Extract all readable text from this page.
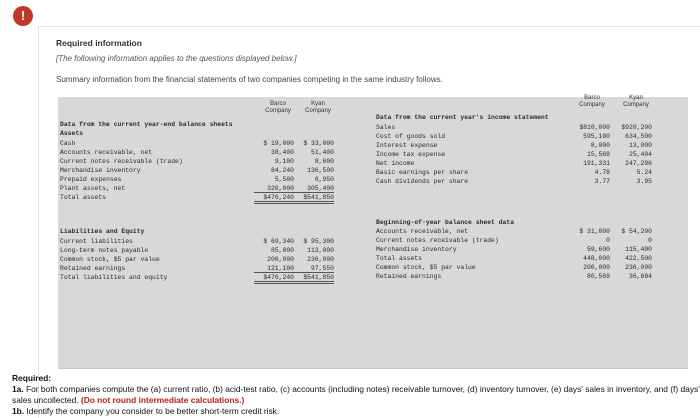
!
Required information
[The following information applies to the questions displayed below.]
Summary information from the financial statements of two companies competing in the same industry follows.
Barco
Company
Kyan
Company
Data from the current year-end balance sheets
Assets
Cash	$ 19,000	$ 33,000
Accounts receivable, net	38,400	51,400
Current notes receivable (trade)	9,100	8,600
Merchandise inventory	84,240	136,500
Prepaid expenses	5,500	6,950
Plant assets, net	320,000	305,400
Total assets	$476,240	$541,850
Liabilities and Equity
Current liabilities	$ 69,340	$ 95,300
Long-term notes payable	85,800	113,000
Common stock, $5 par value	200,000	236,000
Retained earnings	121,100	97,550
Total liabilities and equity	$476,240	$541,850
Barco
Company
Kyan
Company
Data from the current year's income statement
Sales	$810,000	$920,200
Cost of goods sold	595,100	634,500
Interest expense	8,000	13,000
Income tax expense	15,569	25,404
Net income	191,331	247,296
Basic earnings per share	4.78	5.24
Cash dividends per share	3.77	3.95
Beginning-of-year balance sheet data
Accounts receivable, net	$ 31,800	$ 54,200
Current notes receivable (trade)	0	0
Merchandise inventory	59,600	115,400
Total assets	448,000	422,500
Common stock, $5 par value	200,000	236,000
Retained earnings	80,569	36,694
Required:
1a. For both companies compute the (a) current ratio, (b) acid-test ratio, (c) accounts (including notes) receivable turnover, (d) inventory turnover, (e) days' sales in inventory, and (f) days' sales uncollected. (Do not round intermediate calculations.)
1b. Identify the company you consider to be better short-term credit risk.
